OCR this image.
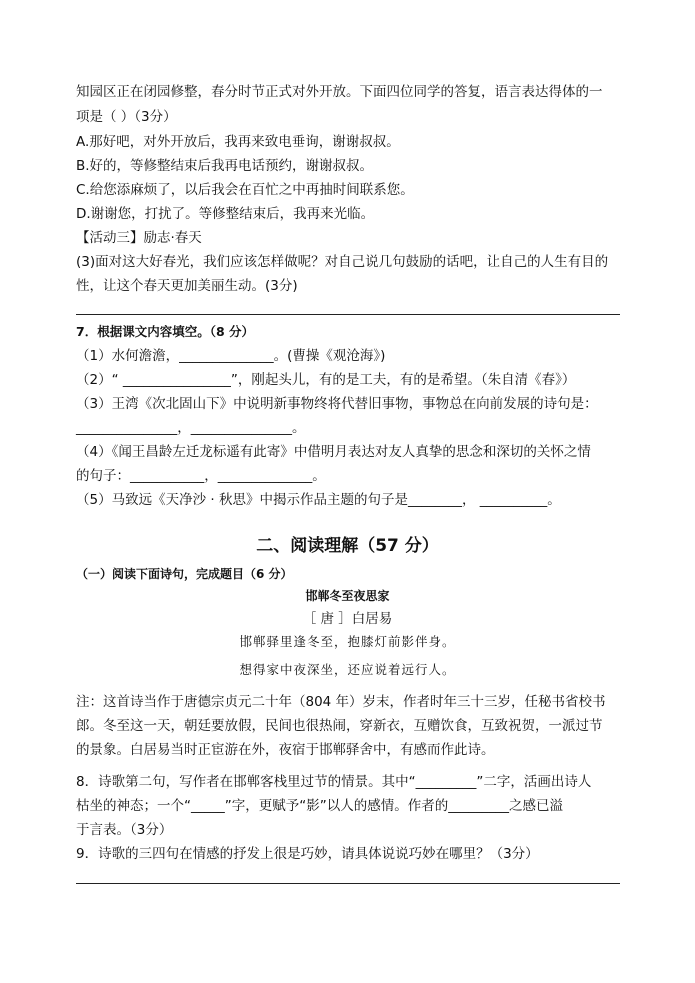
知园区正在闭园修整，春分时节正式对外开放。下面四位同学的答复，语言表达得体的一
项是（ ）（3分）
A.那好吧，对外开放后，我再来致电垂询，谢谢叔叔。
B.好的，等修整结束后我再电话预约，谢谢叔叔。
C.给您添麻烦了，以后我会在百忙之中再抽时间联系您。
D.谢谢您，打扰了。等修整结束后，我再来光临。
【活动三】励志·春天
(3)面对这大好春光，我们应该怎样做呢？对自己说几句鼓励的话吧，让自己的人生有目的
性，让这个春天更加美丽生动。(3分)
7．根据课文内容填空。（8 分）
（1）水何澹澹，______________。(曹操《观沧海》)
（2）“ ________________”，刚起头儿，有的是工夫，有的是希望。（朱自清《春》）
（3）王湾《次北固山下》中说明新事物终将代替旧事物，事物总在向前发展的诗句是：
_______________，_______________。
（4）《闻王昌龄左迁龙标遥有此寄》中借明月表达对友人真挚的思念和深切的关怀之情
的句子：___________，______________。
（5）马致远《天净沙 · 秋思》中揭示作品主题的句子是________， __________。
二、阅读理解（57 分）
（一）阅读下面诗句，完成题目（6 分）
邯郸冬至夜思家
［ 唐 ］白居易
邯郸驿里逢冬至，抱膝灯前影伴身。
想得家中夜深坐，还应说着远行人。
注：这首诗当作于唐德宗贞元二十年（804 年）岁末，作者时年三十三岁，任秘书省校书
郎。冬至这一天，朝廷要放假，民间也很热闹，穿新衣，互赠饮食，互致祝贺，一派过节
的景象。白居易当时正宦游在外，夜宿于邯郸驿舍中，有感而作此诗。
8．诗歌第二句，写作者在邯郸客栈里过节的情景。其中“_________”二字，活画出诗人
枯坐的神态；一个“_____”字，更赋予“影”以人的感情。作者的_________之感已溢
于言表。（3分）
9．诗歌的三四句在情感的抒发上很是巧妙，请具体说说巧妙在哪里？（3分）
